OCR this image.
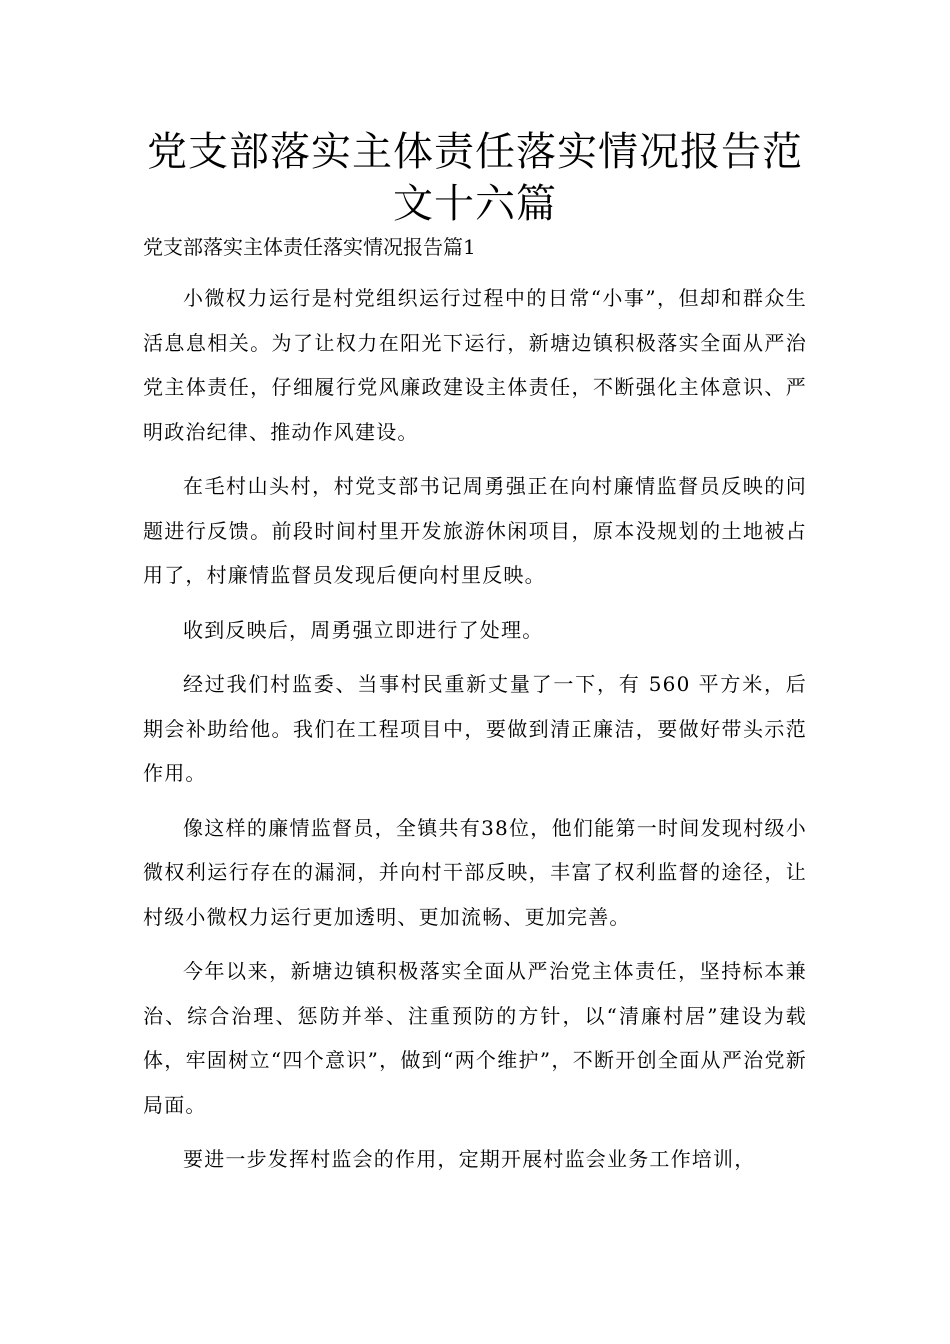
党支部落实主体责任落实情况报告范文十六篇
党支部落实主体责任落实情况报告篇1

小微权力运行是村党组织运行过程中的日常“小事”，但却和群众生活息息相关。为了让权力在阳光下运行，新塘边镇积极落实全面从严治党主体责任，仔细履行党风廉政建设主体责任，不断强化主体意识、严明政治纪律、推动作风建设。

在毛村山头村，村党支部书记周勇强正在向村廉情监督员反映的问题进行反馈。前段时间村里开发旅游休闲项目，原本没规划的土地被占用了，村廉情监督员发现后便向村里反映。

收到反映后，周勇强立即进行了处理。

经过我们村监委、当事村民重新丈量了一下，有 560 平方米，后期会补助给他。我们在工程项目中，要做到清正廉洁，要做好带头示范作用。

像这样的廉情监督员，全镇共有38位，他们能第一时间发现村级小微权利运行存在的漏洞，并向村干部反映，丰富了权利监督的途径，让村级小微权力运行更加透明、更加流畅、更加完善。

今年以来，新塘边镇积极落实全面从严治党主体责任，坚持标本兼治、综合治理、惩防并举、注重预防的方针，以“清廉村居”建设为载体，牢固树立“四个意识”，做到“两个维护”，不断开创全面从严治党新局面。

要进一步发挥村监会的作用，定期开展村监会业务工作培训，
